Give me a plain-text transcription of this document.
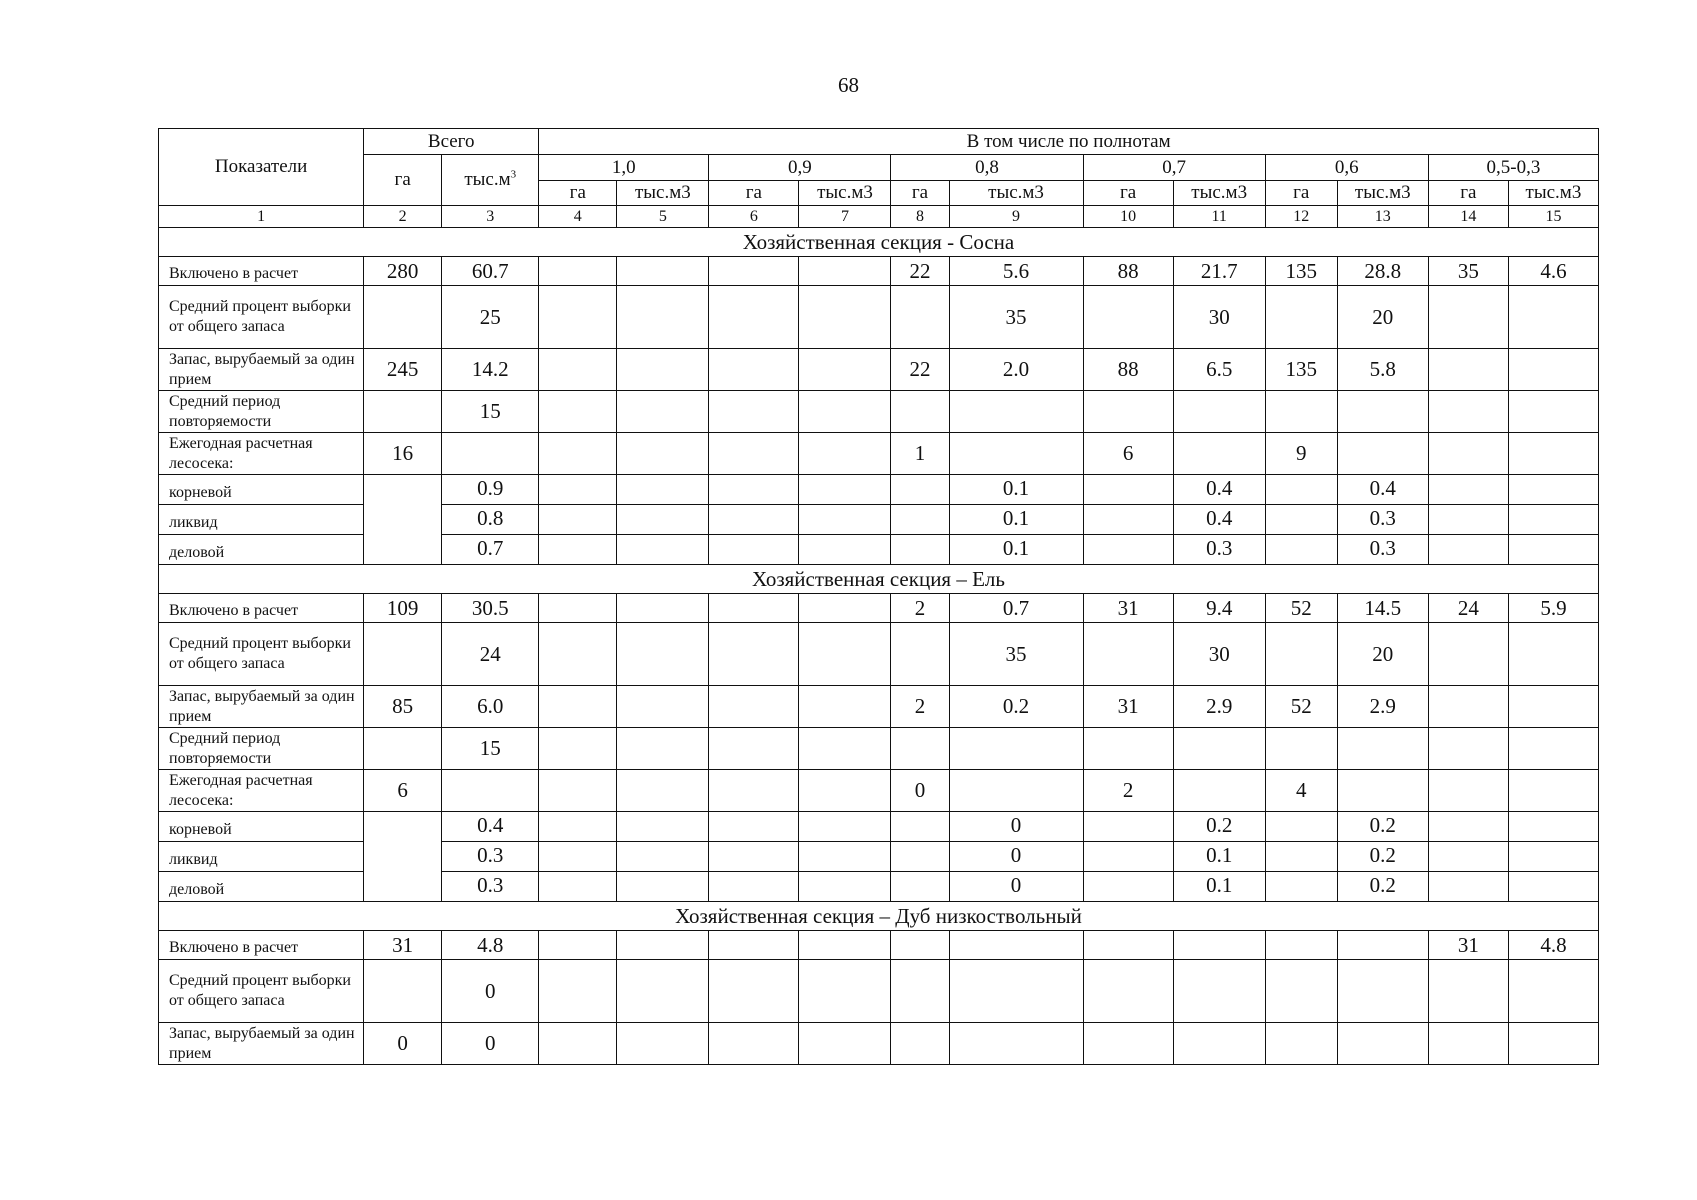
68
Показатели	Всего		В том числе по полнотам											
	га	$тыс.м^3$	1,0		0,9		0,8		0,7		0,6		0,5-0,3	
			га	тыс.м3	га	тыс.м3	га	тыс.м3	га	тыс.м3	га	тыс.м3	га	тыс.м3
1	2	3	4	5	6	7	8	9	10	11	12	13	14	15
Хозяйственная секция - Сосна														
Включено в расчет	280	60.7					22	5.6	88	21.7	135	28.8	35	4.6
Средний процент выборки от общего запаса		25						35		30		20		
Запас, вырубаемый за один прием	245	14.2					22	2.0	88	6.5	135	5.8		
Средний период повторяемости		15												
Ежегодная расчетная лесосека:	16						1		6		9			
корневой		0.9						0.1		0.4		0.4		
ликвид		0.8						0.1		0.4		0.3		
деловой		0.7						0.1		0.3		0.3		
Хозяйственная секция – Ель														
Включено в расчет	109	30.5					2	0.7	31	9.4	52	14.5	24	5.9
Средний процент выборки от общего запаса		24						35		30		20		
Запас, вырубаемый за один прием	85	6.0					2	0.2	31	2.9	52	2.9		
Средний период повторяемости		15												
Ежегодная расчетная лесосека:	6						0		2		4			
корневой		0.4						0		0.2		0.2		
ликвид		0.3						0		0.1		0.2		
деловой		0.3						0		0.1		0.2		
Хозяйственная секция – Дуб низкоствольный														
Включено в расчет	31	4.8											31	4.8
Средний процент выборки от общего запаса		0												
Запас, вырубаемый за один прием	0	0												
